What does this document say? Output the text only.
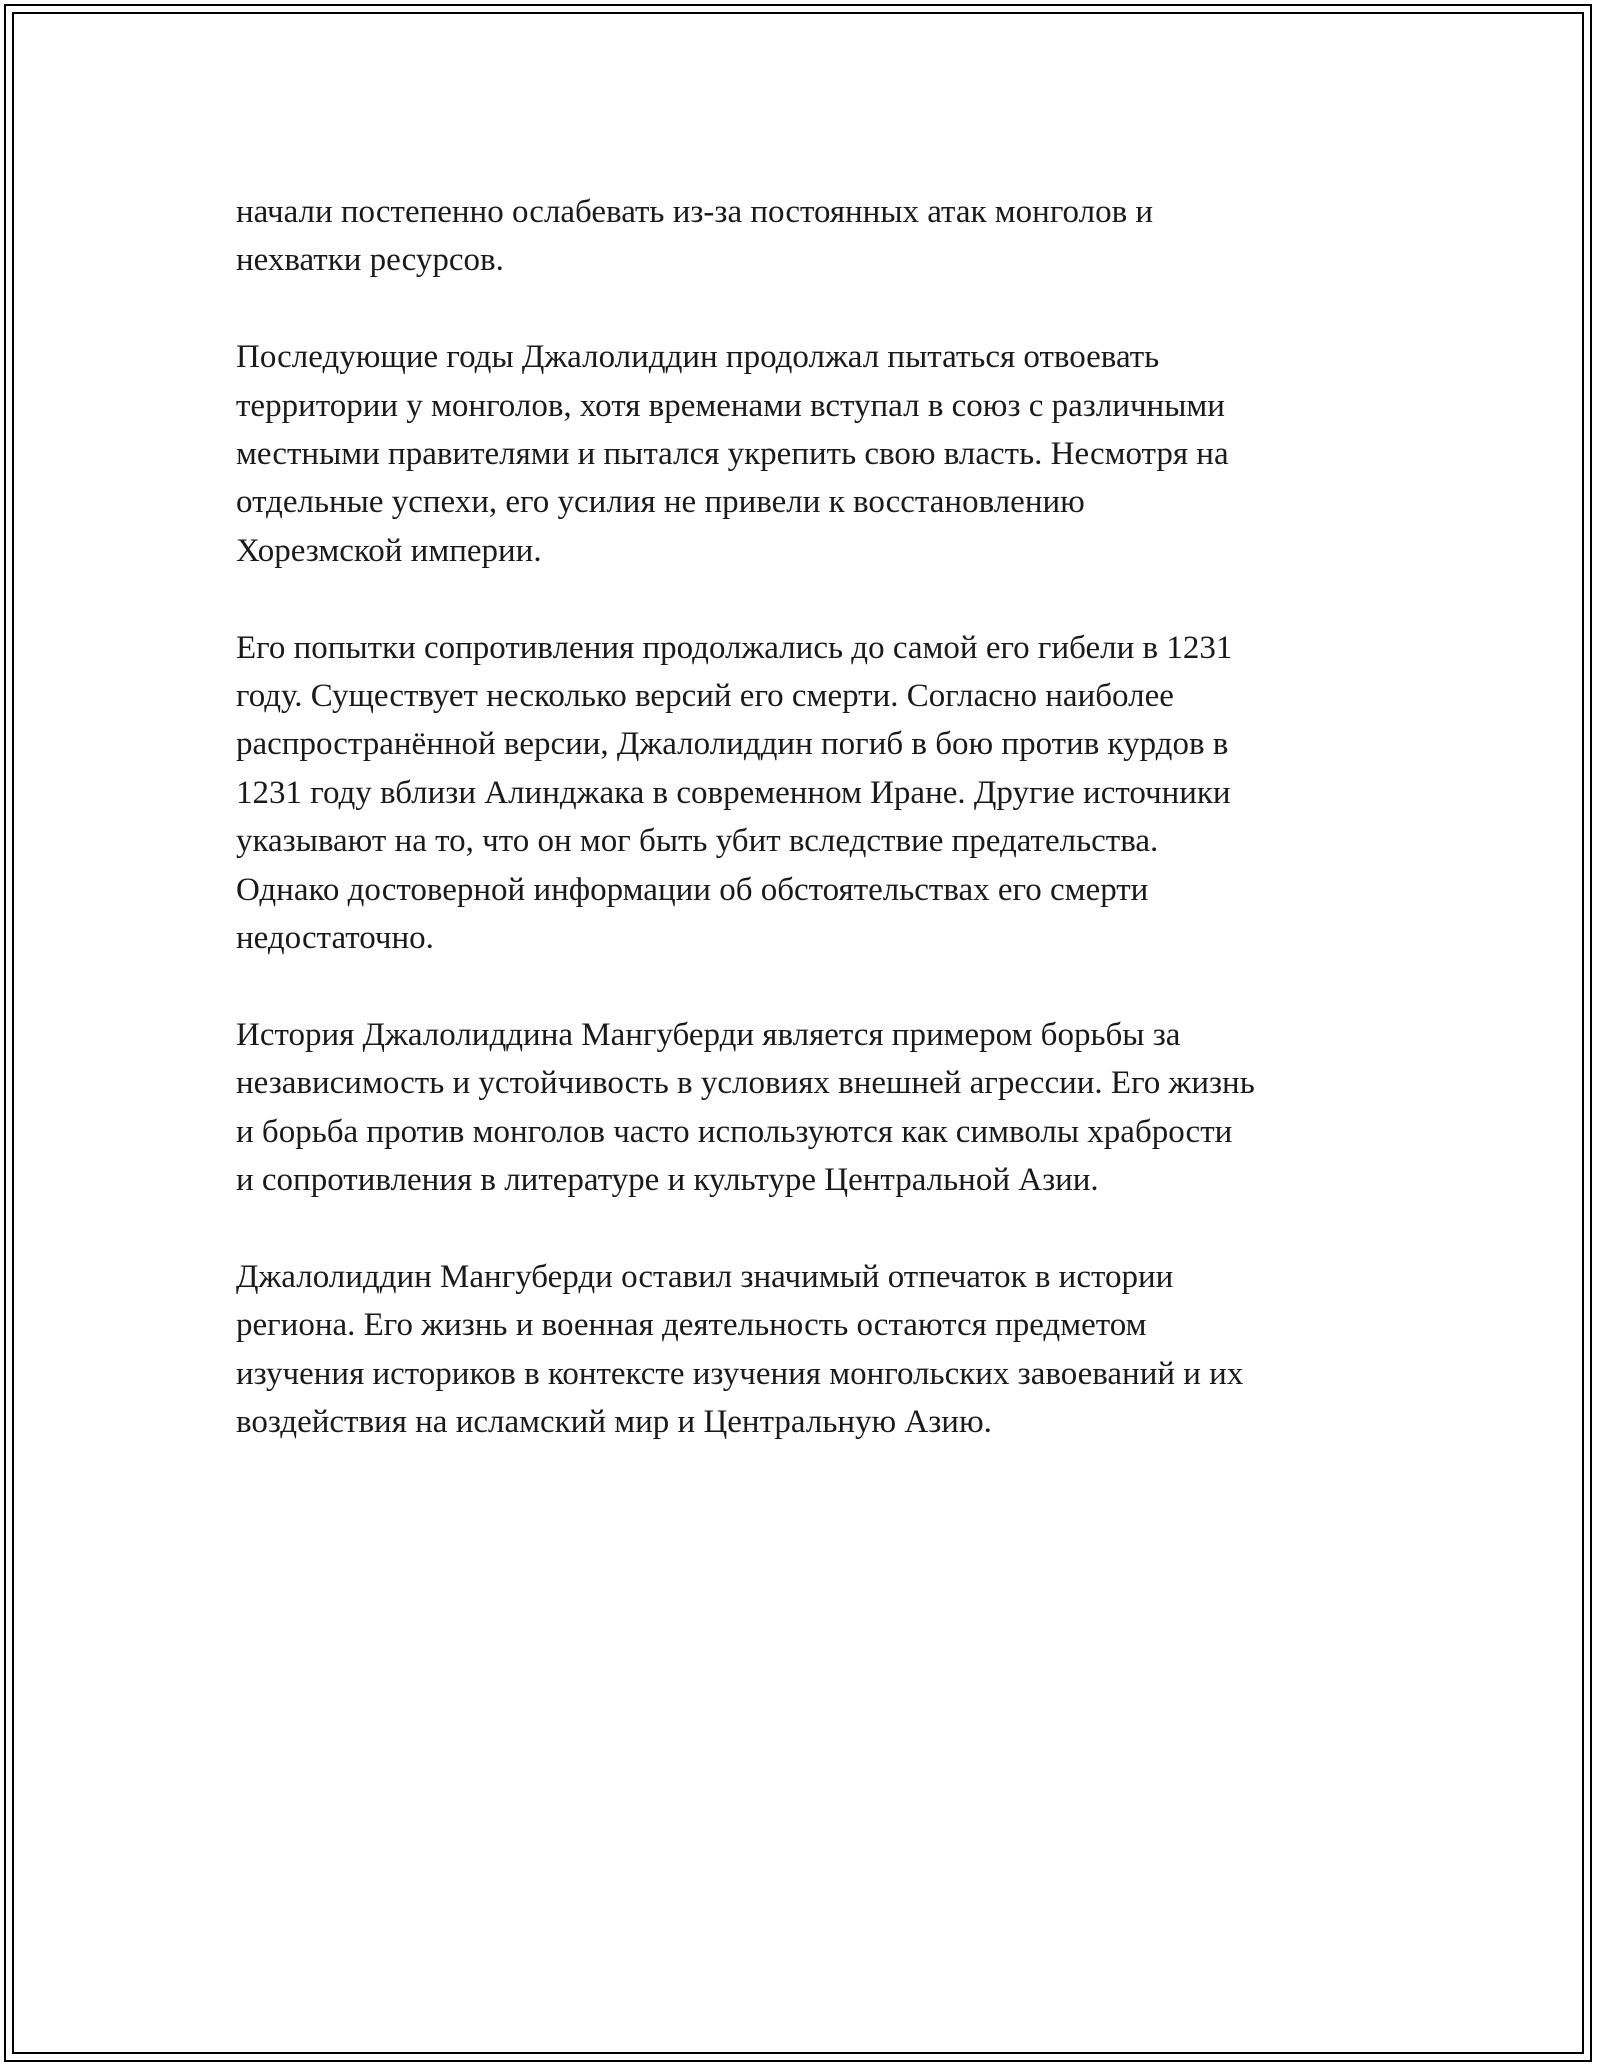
начали постепенно ослабевать из-за постоянных атак монголов и
нехватки ресурсов.

Последующие годы Джалолиддин продолжал пытаться отвоевать
территории у монголов, хотя временами вступал в союз с различными
местными правителями и пытался укрепить свою власть. Несмотря на
отдельные успехи, его усилия не привели к восстановлению
Хорезмской империи.

Его попытки сопротивления продолжались до самой его гибели в 1231
году. Существует несколько версий его смерти. Согласно наиболее
распространённой версии, Джалолиддин погиб в бою против курдов в
1231 году вблизи Алинджака в современном Иране. Другие источники
указывают на то, что он мог быть убит вследствие предательства.
Однако достоверной информации об обстоятельствах его смерти
недостаточно.

История Джалолиддина Мангуберди является примером борьбы за
независимость и устойчивость в условиях внешней агрессии. Его жизнь
и борьба против монголов часто используются как символы храбрости
и сопротивления в литературе и культуре Центральной Азии.

Джалолиддин Мангуберди оставил значимый отпечаток в истории
региона. Его жизнь и военная деятельность остаются предметом
изучения историков в контексте изучения монгольских завоеваний и их
воздействия на исламский мир и Центральную Азию.
